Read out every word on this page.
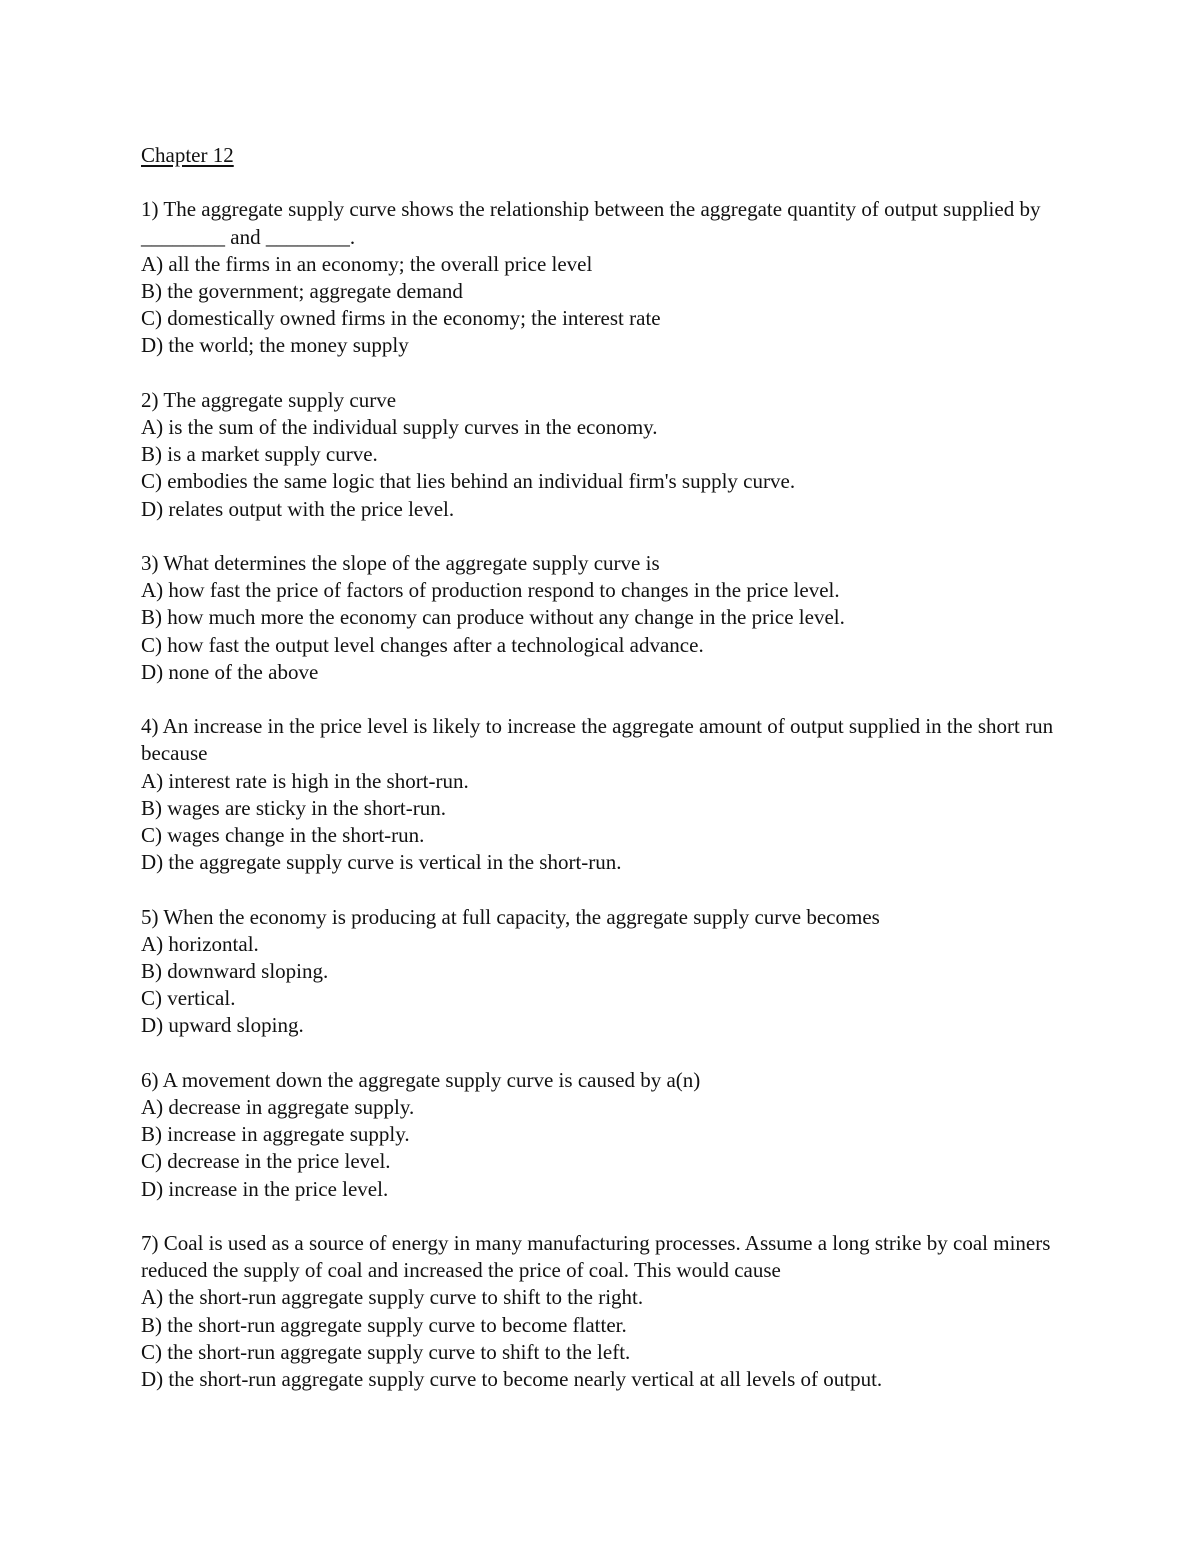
Chapter 12
1) The aggregate supply curve shows the relationship between the aggregate quantity of output supplied by ________ and ________.
A) all the firms in an economy; the overall price level
B) the government; aggregate demand
C) domestically owned firms in the economy; the interest rate
D) the world; the money supply
2) The aggregate supply curve
A) is the sum of the individual supply curves in the economy.
B) is a market supply curve.
C) embodies the same logic that lies behind an individual firm's supply curve.
D) relates output with the price level.
3) What determines the slope of the aggregate supply curve is
A) how fast the price of factors of production respond to changes in the price level.
B) how much more the economy can produce without any change in the price level.
C) how fast the output level changes after a technological advance.
D) none of the above
4) An increase in the price level is likely to increase the aggregate amount of output supplied in the short run because
A) interest rate is high in the short-run.
B) wages are sticky in the short-run.
C) wages change in the short-run.
D) the aggregate supply curve is vertical in the short-run.
5) When the economy is producing at full capacity, the aggregate supply curve becomes
A) horizontal.
B) downward sloping.
C) vertical.
D) upward sloping.
6) A movement down the aggregate supply curve is caused by a(n)
A) decrease in aggregate supply.
B) increase in aggregate supply.
C) decrease in the price level.
D) increase in the price level.
7) Coal is used as a source of energy in many manufacturing processes. Assume a long strike by coal miners reduced the supply of coal and increased the price of coal. This would cause
A) the short-run aggregate supply curve to shift to the right.
B) the short-run aggregate supply curve to become flatter.
C) the short-run aggregate supply curve to shift to the left.
D) the short-run aggregate supply curve to become nearly vertical at all levels of output.
